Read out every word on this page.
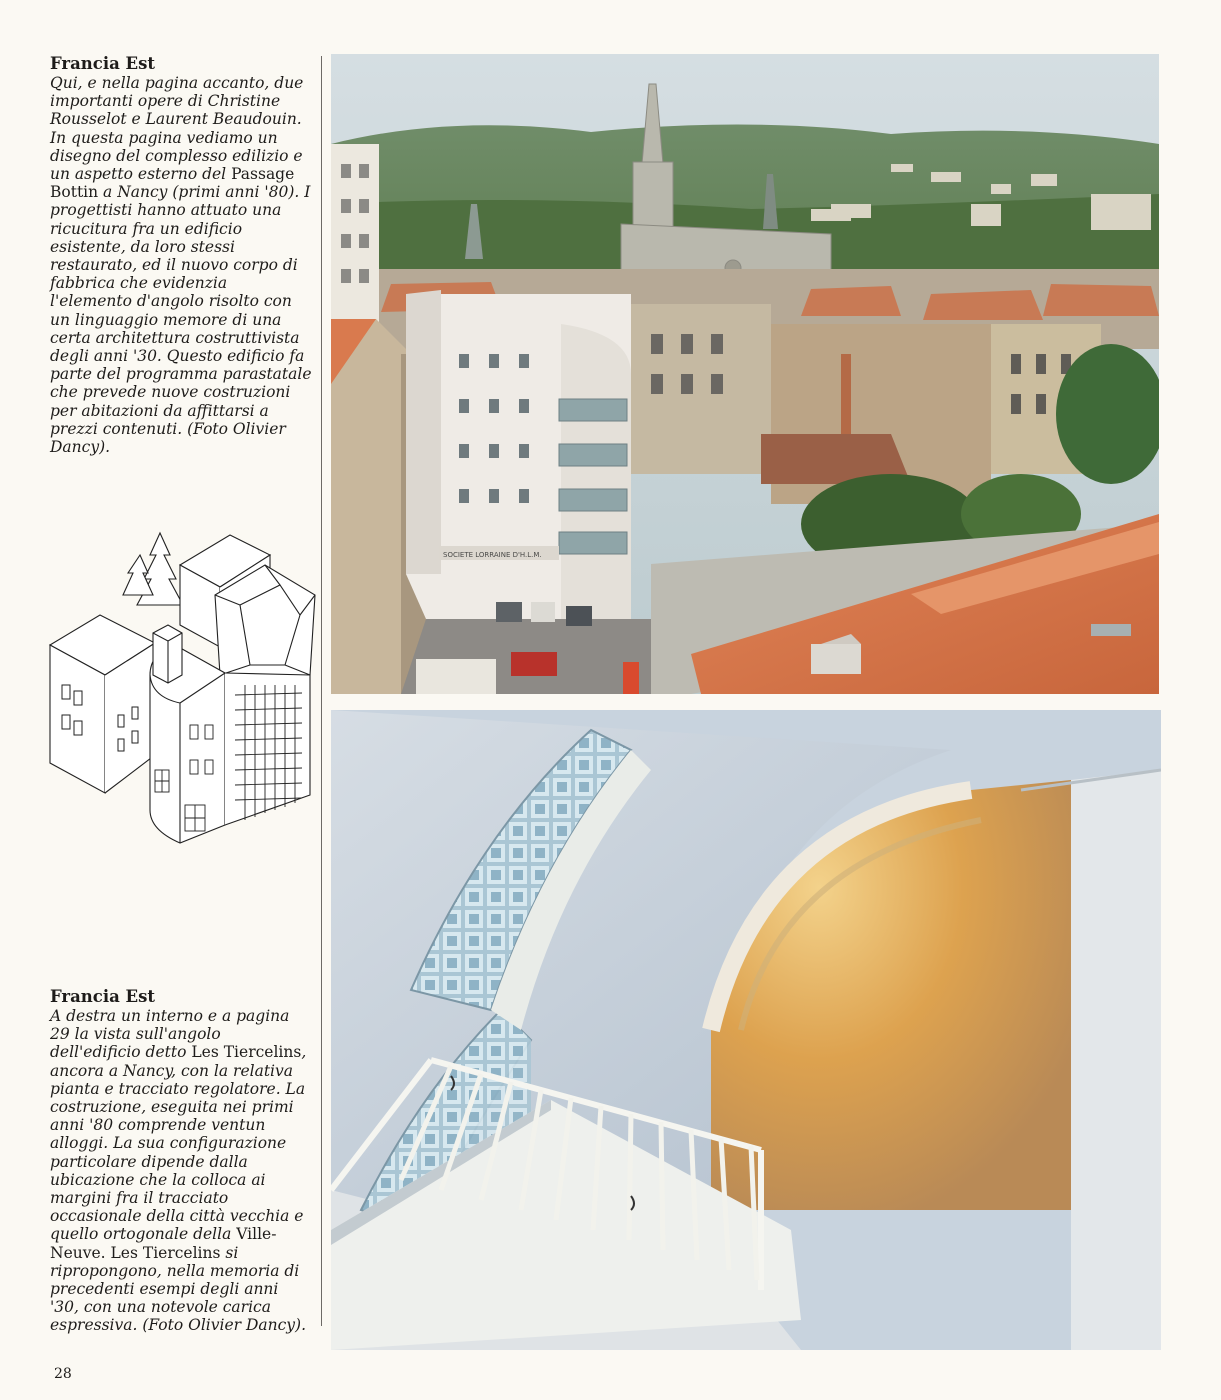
Francia Est

Qui, e nella pagina accanto, due importanti opere di Christine Rousselot e Laurent Beaudouin. In questa pagina vediamo un disegno del complesso edilizio e un aspetto esterno del Passage Bottin a Nancy (primi anni '80). I progettisti hanno attuato una ricucitura fra un edificio esistente, da loro stessi restaurato, ed il nuovo corpo di fabbrica che evidenzia l'elemento d'angolo risolto con un linguaggio memore di una certa architettura costruttivista degli anni '30. Questo edificio fa parte del programma parastatale che prevede nuove costruzioni per abitazioni da affittarsi a prezzi contenuti. (Foto Olivier Dancy).

SOCIETE LORRAINE D'H.L.M.
Francia Est

A destra un interno e a pagina 29 la vista sull'angolo dell'edificio detto Les Tiercelins, ancora a Nancy, con la relativa pianta e tracciato regolatore. La costruzione, eseguita nei primi anni '80 comprende ventun alloggi. La sua configurazione particolare dipende dalla ubicazione che la colloca ai margini fra il tracciato occasionale della città vecchia e quello ortogonale della Ville-Neuve. Les Tiercelins si ripropongono, nella memoria di precedenti esempi degli anni '30, con una notevole carica espressiva. (Foto Olivier Dancy).

28
